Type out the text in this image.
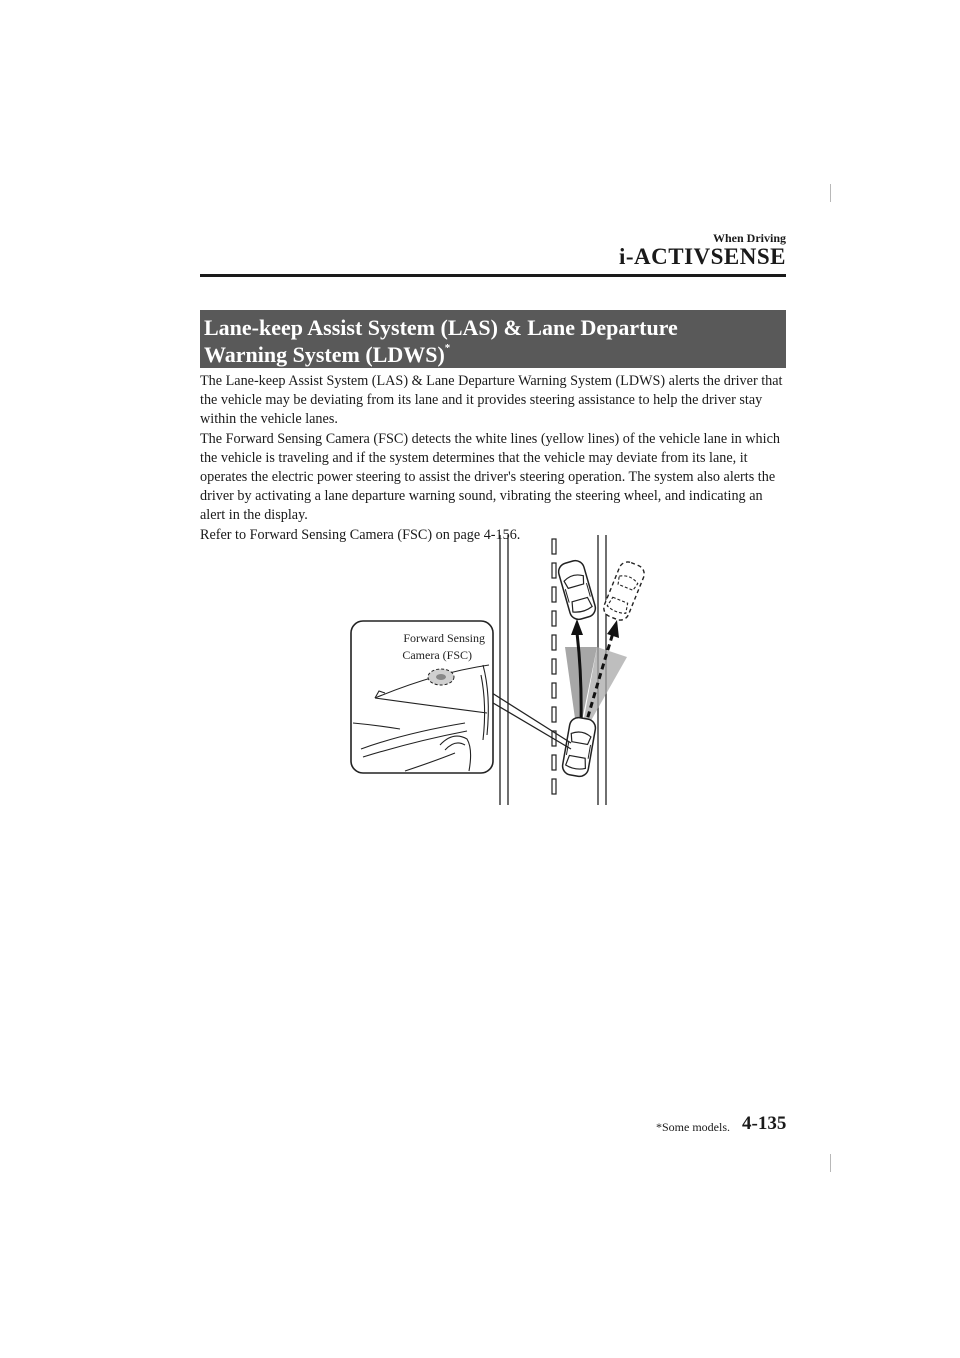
When Driving
i-ACTIVSENSE
Lane-keep Assist System (LAS) & Lane Departure
Warning System (LDWS)*

The Lane-keep Assist System (LAS) & Lane Departure Warning System (LDWS) alerts the driver that the vehicle may be deviating from its lane and it provides steering assistance to help the driver stay within the vehicle lanes.

The Forward Sensing Camera (FSC) detects the white lines (yellow lines) of the vehicle lane in which the vehicle is traveling and if the system determines that the vehicle may deviate from its lane, it operates the electric power steering to assist the driver's steering operation. The system also alerts the driver by activating a lane departure warning sound, vibrating the steering wheel, and indicating an alert in the display.

Refer to Forward Sensing Camera (FSC) on page 4-156.

Forward Sensing
Camera (FSC)
*Some models. 4-135
